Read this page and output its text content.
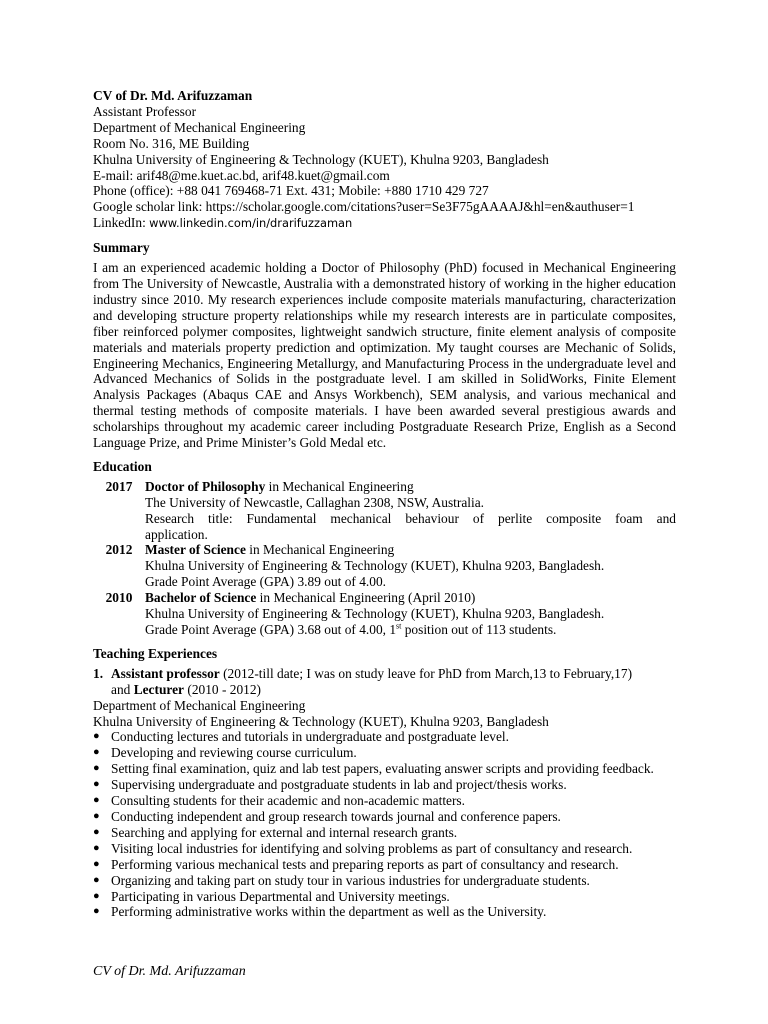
CV of Dr. Md. Arifuzzaman
Assistant Professor
Department of Mechanical Engineering
Room No. 316, ME Building
Khulna University of Engineering & Technology (KUET), Khulna 9203, Bangladesh
E-mail: arif48@me.kuet.ac.bd, arif48.kuet@gmail.com
Phone (office): +88 041 769468-71 Ext. 431; Mobile: +880 1710 429 727
Google scholar link: https://scholar.google.com/citations?user=Se3F75gAAAAJ&hl=en&authuser=1
LinkedIn: www.linkedin.com/in/drarifuzzaman
Summary

I am an experienced academic holding a Doctor of Philosophy (PhD) focused in Mechanical Engineering from The University of Newcastle, Australia with a demonstrated history of working in the higher education industry since 2010. My research experiences include composite materials manufacturing, characterization and developing structure property relationships while my research interests are in particulate composites, fiber reinforced polymer composites, lightweight sandwich structure, finite element analysis of composite materials and materials property prediction and optimization. My taught courses are Mechanic of Solids, Engineering Mechanics, Engineering Metallurgy, and Manufacturing Process in the undergraduate level and Advanced Mechanics of Solids in the postgraduate level. I am skilled in SolidWorks, Finite Element Analysis Packages (Abaqus CAE and Ansys Workbench), SEM analysis, and various mechanical and thermal testing methods of composite materials. I have been awarded several prestigious awards and scholarships throughout my academic career including Postgraduate Research Prize, English as a Second Language Prize, and Prime Minister’s Gold Medal etc.

Education
2017 Doctor of Philosophy in Mechanical Engineering
The University of Newcastle, Callaghan 2308, NSW, Australia.
Research title: Fundamental mechanical behaviour of perlite composite foam and
application.
2012 Master of Science in Mechanical Engineering
Khulna University of Engineering & Technology (KUET), Khulna 9203, Bangladesh.
Grade Point Average (GPA) 3.89 out of 4.00.
2010 Bachelor of Science in Mechanical Engineering (April 2010)
Khulna University of Engineering & Technology (KUET), Khulna 9203, Bangladesh.
Grade Point Average (GPA) 3.68 out of 4.00, 1st position out of 113 students.
Teaching Experiences
1. Assistant professor (2012-till date; I was on study leave for PhD from March,13 to February,17)
and Lecturer (2010 - 2012)
Department of Mechanical Engineering
Khulna University of Engineering & Technology (KUET), Khulna 9203, Bangladesh
● Conducting lectures and tutorials in undergraduate and postgraduate level.
● Developing and reviewing course curriculum.
● Setting final examination, quiz and lab test papers, evaluating answer scripts and providing feedback.
● Supervising undergraduate and postgraduate students in lab and project/thesis works.
● Consulting students for their academic and non-academic matters.
● Conducting independent and group research towards journal and conference papers.
● Searching and applying for external and internal research grants.
● Visiting local industries for identifying and solving problems as part of consultancy and research.
● Performing various mechanical tests and preparing reports as part of consultancy and research.
● Organizing and taking part on study tour in various industries for undergraduate students.
● Participating in various Departmental and University meetings.
● Performing administrative works within the department as well as the University.
CV of Dr. Md. Arifuzzaman
